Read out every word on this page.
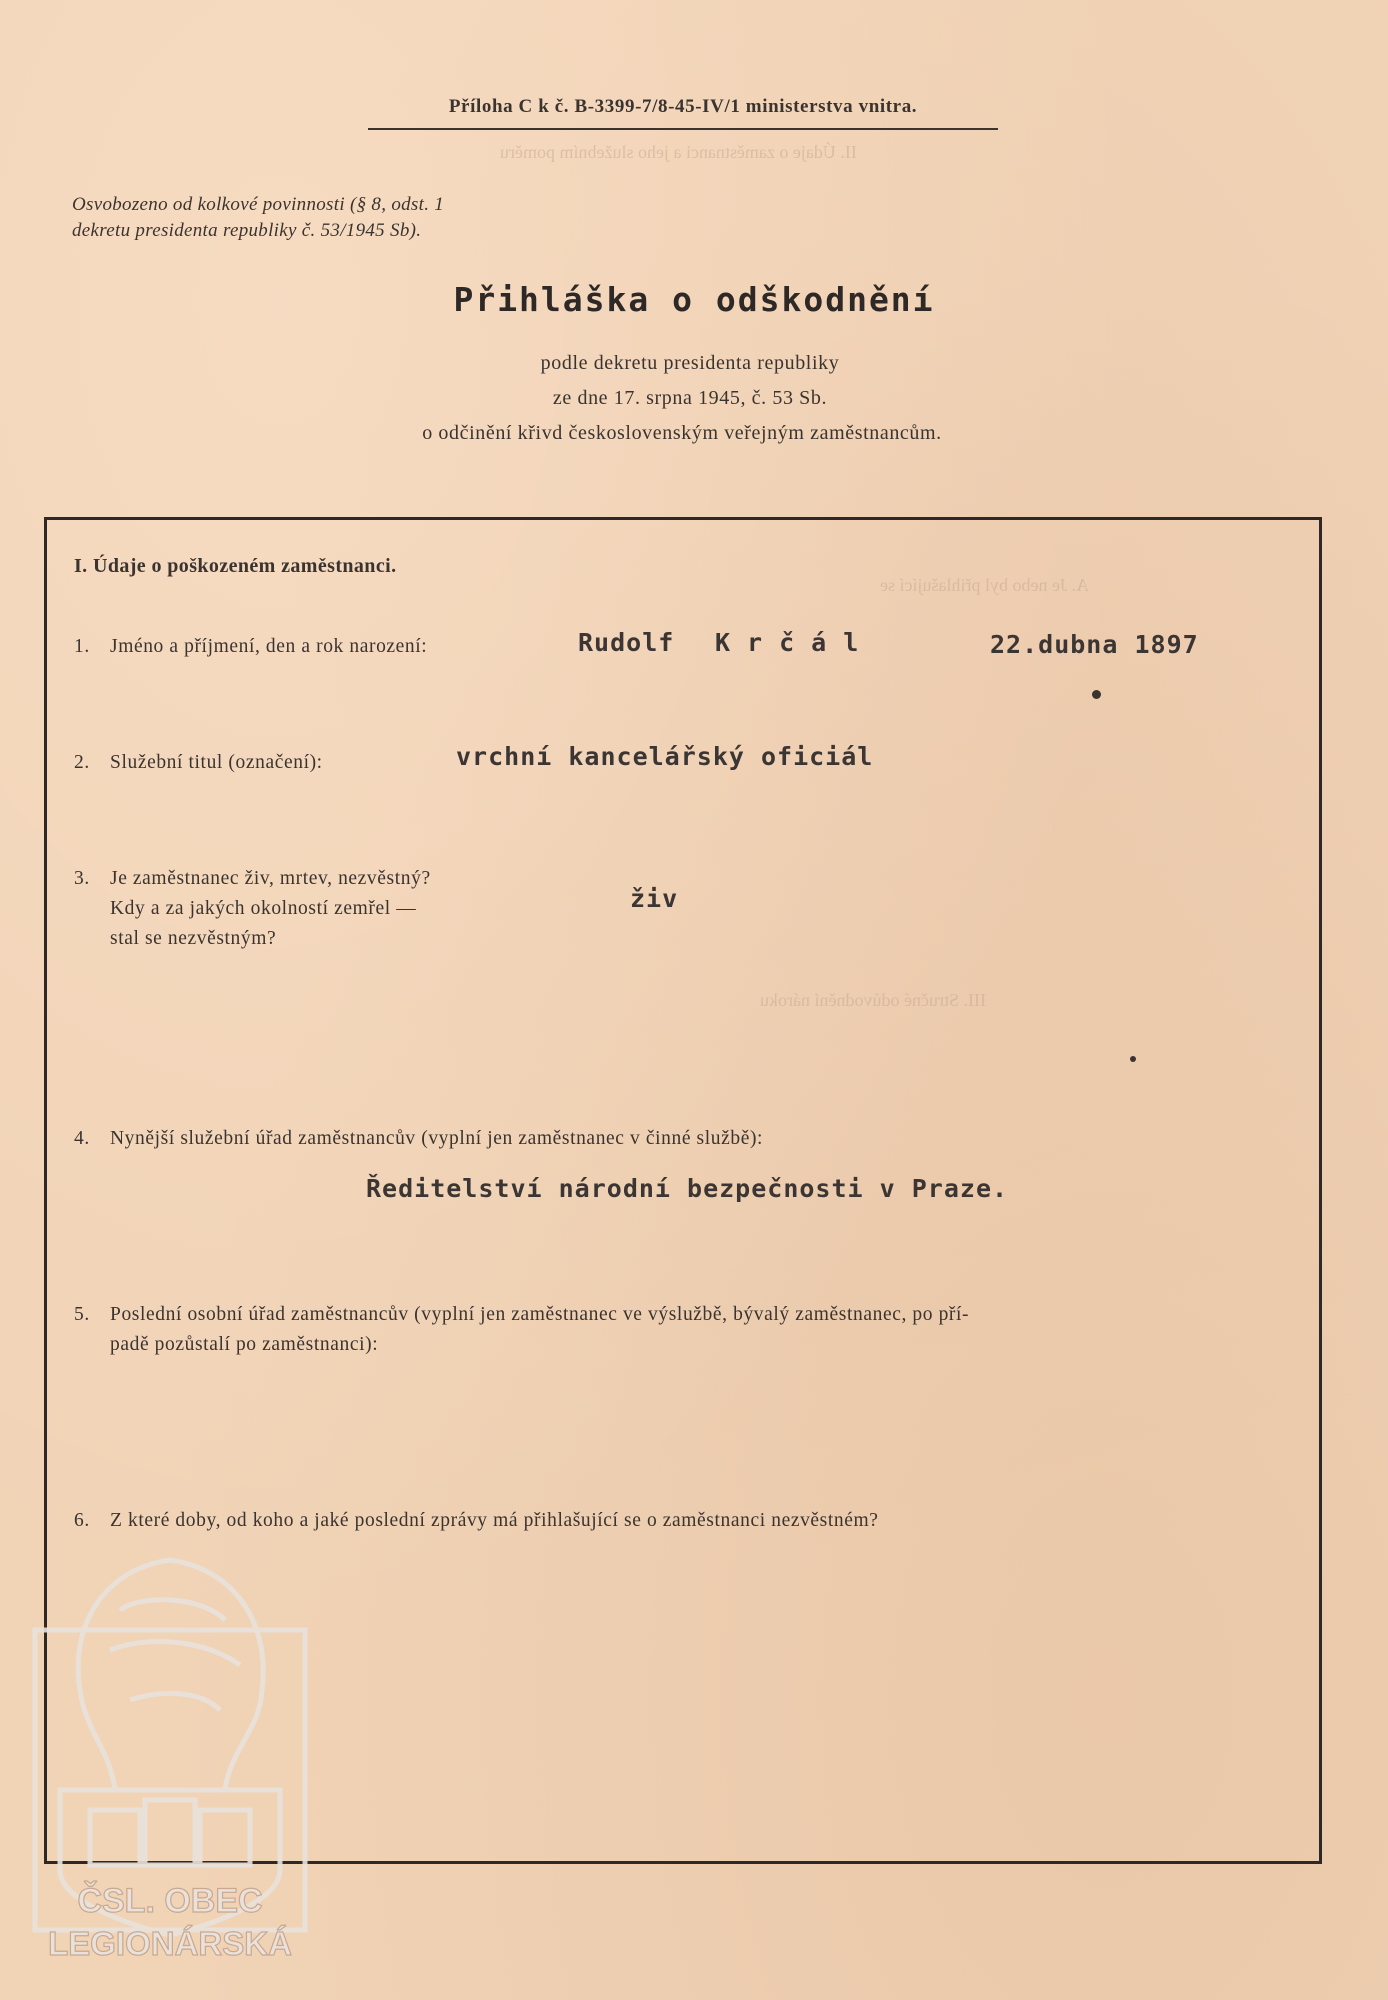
II. Údaje o zaměstnanci a jeho služebním poměru
A. Je nebo byl přihlašující se
III. Stručné odůvodnění nároku
Příloha C k č. B-3399-7/8-45-IV/1 ministerstva vnitra.
Osvobozeno od kolkové povinnosti (§ 8, odst. 1
dekretu presidenta republiky č. 53/1945 Sb).
Přihláška o odškodnění
podle dekretu presidenta republiky
ze dne 17. srpna 1945, č. 53 Sb.
o odčinění křivd československým veřejným zaměstnancům.
I. Údaje o poškozeném zaměstnanci.
1. Jméno a příjmení, den a rok narození:	Rudolf Krčál	22.dubna 1897
2. Služební titul (označení):	vrchní kancelářský oficiál
3. Je zaměstnanec živ, mrtev, nezvěstný?
Kdy a za jakých okolností zemřel —
stal se nezvěstným?
živ
4. Nynější služební úřad zaměstnancův (vyplní jen zaměstnanec v činné službě):
Ředitelství národní bezpečnosti v Praze.
5. Poslední osobní úřad zaměstnancův (vyplní jen zaměstnanec ve výslužbě, bývalý zaměstnanec, po pří-
padě pozůstalí po zaměstnanci):
6. Z které doby, od koho a jaké poslední zprávy má přihlašující se o zaměstnanci nezvěstném?
ČSL. OBEC
LEGIONÁRSKÁ
